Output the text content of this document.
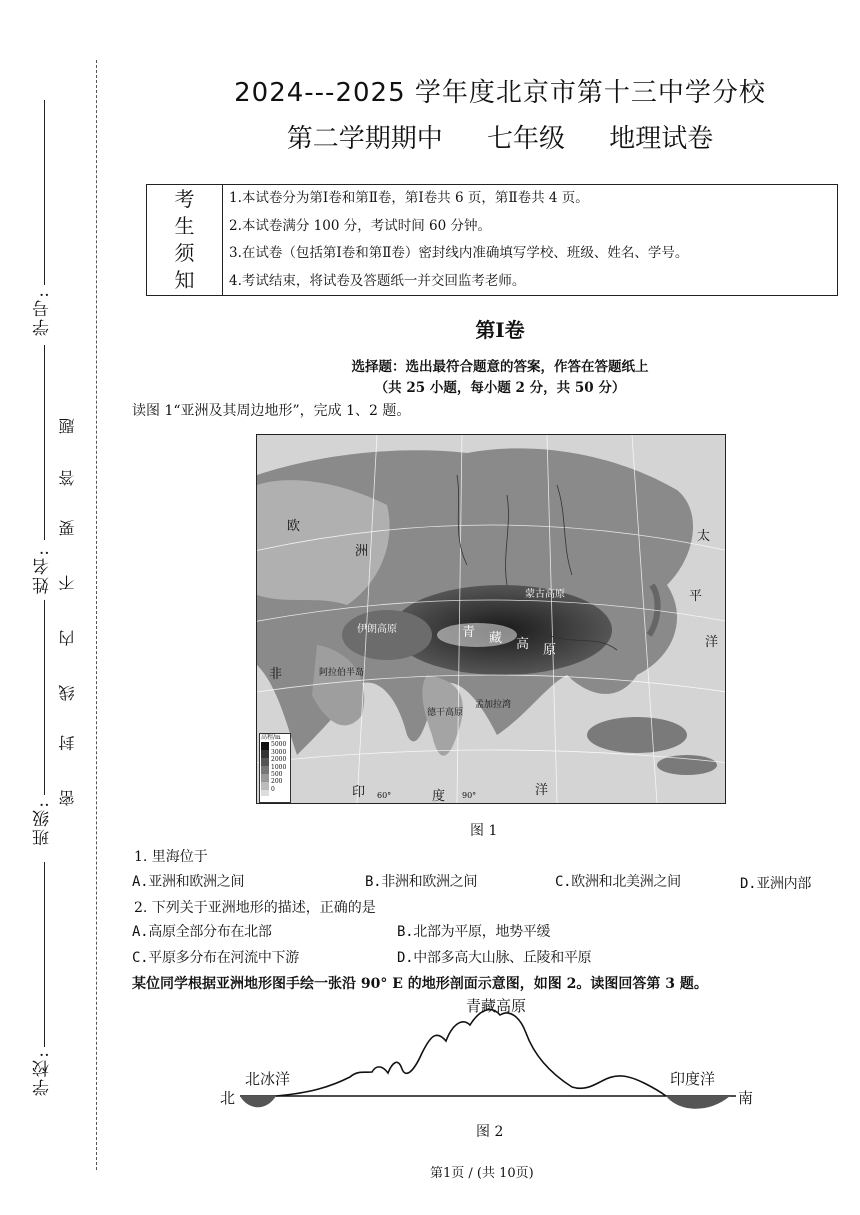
学校:
班级:
姓名:
学号:
密
封
线
内
不
要
答
题
2024---2025 学年度北京市第十三中学分校
第二学期期中 七年级 地理试卷
考
生
须
知

1.本试卷分为第Ⅰ卷和第Ⅱ卷，第Ⅰ卷共 6 页，第Ⅱ卷共 4 页。
2.本试卷满分 100 分，考试时间 60 分钟。
3.在试卷（包括第Ⅰ卷和第Ⅱ卷）密封线内准确填写学校、班级、姓名、学号。
4.考试结束，将试卷及答题纸一并交回监考老师。
第Ⅰ卷
选择题：选出最符合题意的答案，作答在答题纸上
（共 25 小题，每小题 2 分，共 50 分）
读图 1“亚洲及其周边地形”，完成 1、2 题。
欧
洲
非
青 藏 高 原
印	度	洋
太
平
洋
蒙古高原
伊朗高原
德干高原
阿拉伯半岛
孟加拉湾
60°	90°
高程/m
5000
3000
2000
1000
500
200
0
图 1
1. 里海位于
A.亚洲和欧洲之间	B.非洲和欧洲之间	C.欧洲和北美洲之间	D.亚洲内部
2. 下列关于亚洲地形的描述，正确的是
A.高原全部分布在北部	B.北部为平原，地势平缓
C.平原多分布在河流中下游	D.中部多高大山脉、丘陵和平原
某位同学根据亚洲地形图手绘一张沿 90° E 的地形剖面示意图，如图 2。读图回答第 3 题。
青藏高原
北冰洋	印度洋
北	南
图 2
第1页 / (共 10页)
